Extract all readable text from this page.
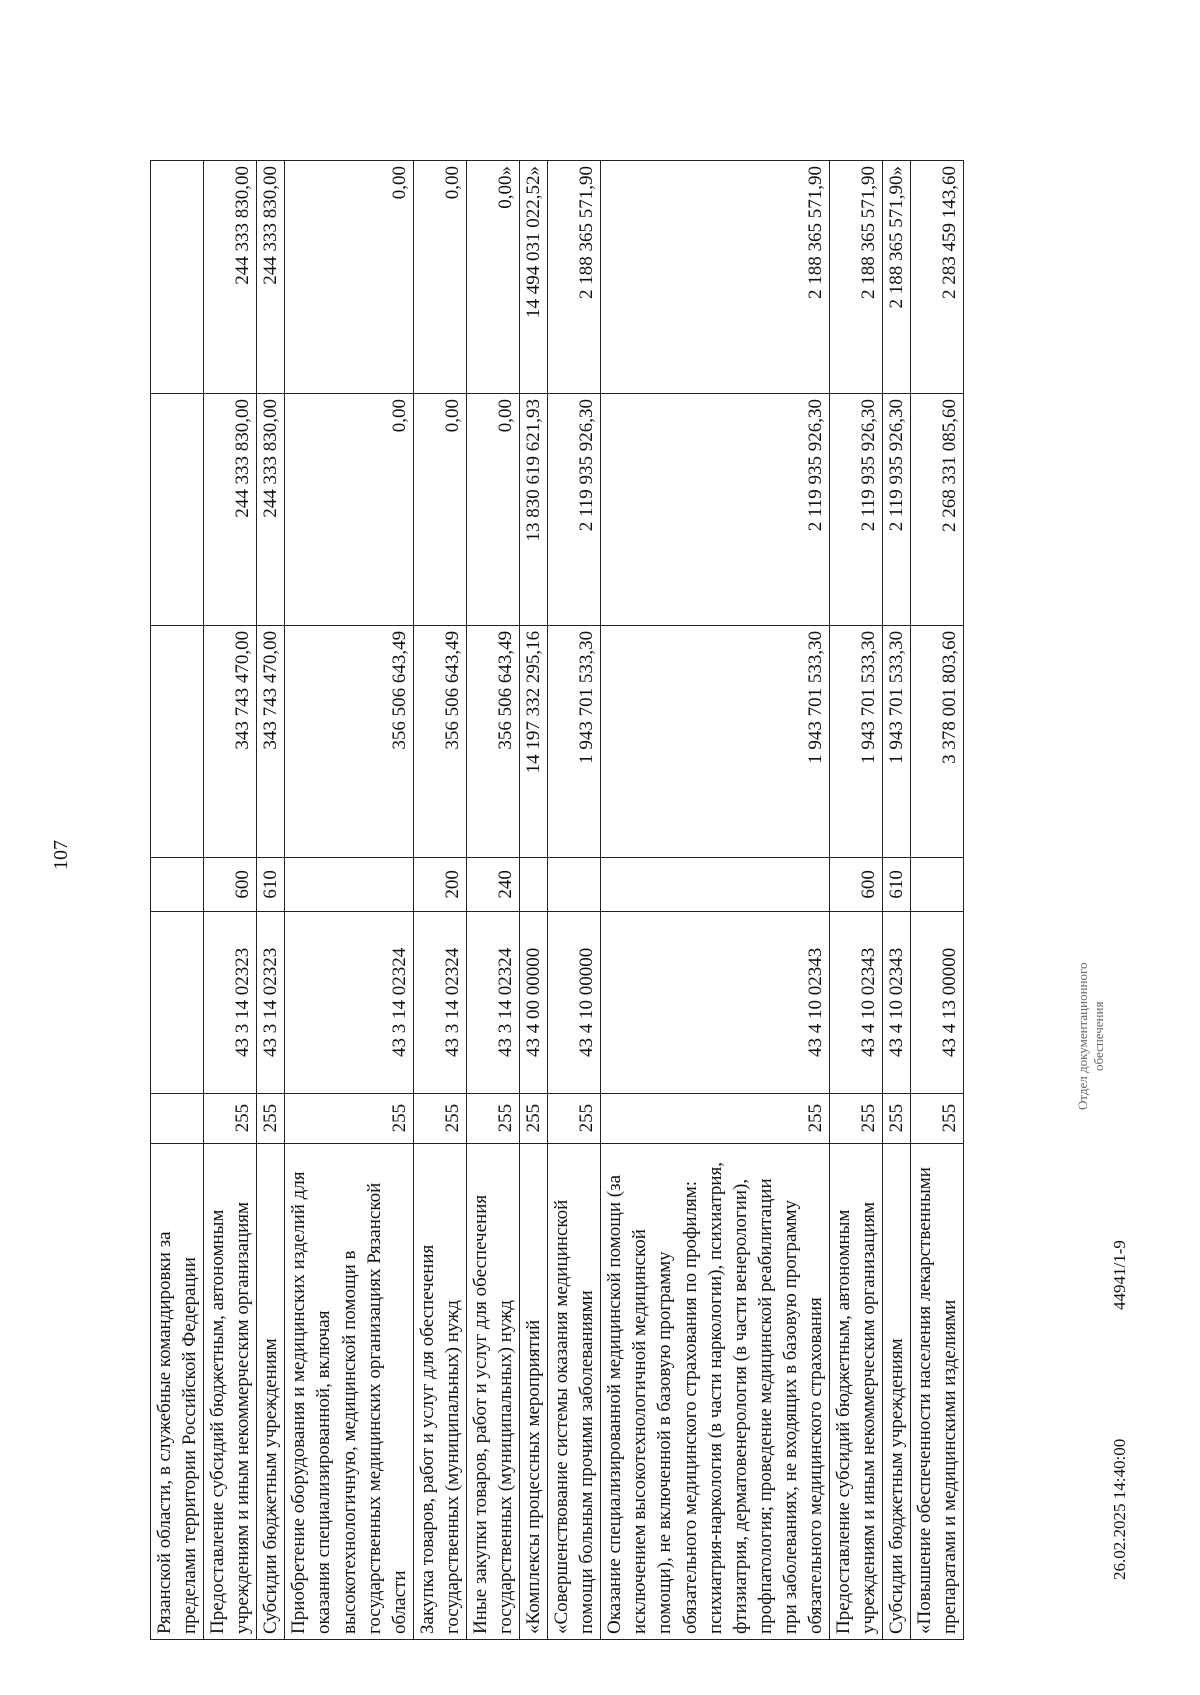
107
Рязанской области, в служебные командировки за пределами территории Российской Федерации						
Предоставление субсидий бюджетным, автономным учреждениям и иным некоммерческим организациям	255	43 3 14 02323	600	343 743 470,00	244 333 830,00	244 333 830,00
Субсидии бюджетным учреждениям	255	43 3 14 02323	610	343 743 470,00	244 333 830,00	244 333 830,00
Приобретение оборудования и медицинских изделий для оказания специализированной, включая высокотехнологичную, медицинской помощи в государственных медицинских организациях Рязанской области	255	43 3 14 02324		356 506 643,49	0,00	0,00
Закупка товаров, работ и услуг для обеспечения государственных (муниципальных) нужд	255	43 3 14 02324	200	356 506 643,49	0,00	0,00
Иные закупки товаров, работ и услуг для обеспечения государственных (муниципальных) нужд	255	43 3 14 02324	240	356 506 643,49	0,00	0,00»
«Комплексы процессных мероприятий	255	43 4 00 00000		14 197 332 295,16	13 830 619 621,93	14 494 031 022,52»
«Совершенствование системы оказания медицинской помощи больным прочими заболеваниями	255	43 4 10 00000		1 943 701 533,30	2 119 935 926,30	2 188 365 571,90
Оказание специализированной медицинской помощи (за исключением высокотехнологичной медицинской помощи), не включенной в базовую программу обязательного медицинского страхования по профилям: психиатрия-наркология (в части наркологии), психиатрия, фтизиатрия, дерматовенерология (в части венерологии), профпатология; проведение медицинской реабилитации при заболеваниях, не входящих в базовую программу обязательного медицинского страхования	255	43 4 10 02343		1 943 701 533,30	2 119 935 926,30	2 188 365 571,90
Предоставление субсидий бюджетным, автономным учреждениям и иным некоммерческим организациям	255	43 4 10 02343	600	1 943 701 533,30	2 119 935 926,30	2 188 365 571,90
Субсидии бюджетным учреждениям	255	43 4 10 02343	610	1 943 701 533,30	2 119 935 926,30	2 188 365 571,90»
«Повышение обеспеченности населения лекарственными препаратами и медицинскими изделиями	255	43 4 13 00000		3 378 001 803,60	2 268 331 085,60	2 283 459 143,60
26.02.2025 14:40:00
44941/1-9
Отдел документационного обеспечения
